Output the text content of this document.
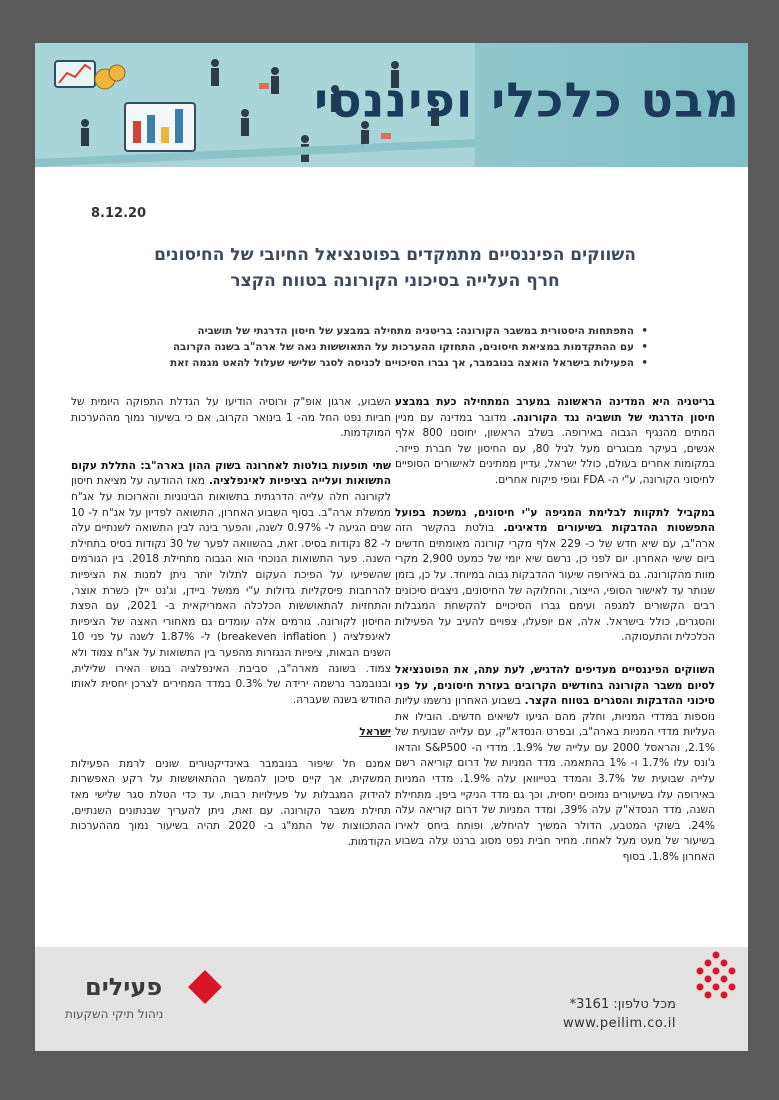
מבט כלכלי ופיננסי
8.12.20
השווקים הפיננסיים מתמקדים בפוטנציאל החיובי של החיסונים
חרף העלייה בסיכוני הקורונה בטווח הקצר
• התפתחות היסטורית במשבר הקורונה: בריטניה מתחילה במבצע של חיסון הדרגתי של תושביה
• עם ההתקדמות במציאת חיסונים, התחזקו ההערכות על התאוששות נאה של ארה"ב בשנה הקרובה
• הפעילות בישראל הואצה בנובמבר, אך גברו הסיכויים לכניסה לסגר שלישי שעלול להאט מגמה זאת

בריטניה היא המדינה הראשונה במערב המתחילה כעת במבצע חיסון הדרגתי של תושביה נגד הקורונה. מדובר במדינה עם מניין המתים מהנגיף הגבוה באירופה. בשלב הראשון, יחוסנו 800 אלף אנשים, בעיקר מבוגרים מעל לגיל 80, עם החיסון של חברת פייזר. במקומות אחרים בעולם, כולל ישראל, עדיין ממתינים לאישורים הסופיים לחיסוני הקורונה, ע"י ה- FDA וגופי פיקוח אחרים.

במקביל לתקוות לבלימת המגיפה ע"י חיסונים, נמשכת בפועל התפשטות ההדבקות בשיעורים מדאיגים. בולטת בהקשר הזה ארה"ב, עם שיא חדש של כ- 229 אלף מקרי קורונה מאומתים חדשים ביום שישי האחרון. יום לפני כן, נרשם שיא יומי של כמעט 2,900 מקרי מוות מהקורונה. גם באירופה שיעור ההדבקות גבוה במיוחד. על כן, בזמן שנותר עד לאישור הסופי, הייצור, והחלוקה של החיסונים, ניצבים סיכונים רבים הקשורים למגפה ועימם גברו הסיכויים להקשחת המגבלות והסגרים, כולל בישראל. אלה, אם יופעלו, צפויים להעיב על הפעילות הכלכלית והתעסוקה.

השווקים הפיננסיים מעדיפים להדגיש, לעת עתה, את הפוטנציאל לסיום משבר הקורונה בחודשים הקרובים בעזרת חיסונים, על פני סיכוני ההדבקות והסגרים בטווח הקצר. בשבוע האחרון נרשמו עליות נוספות במדדי המניות, וחלק מהם הגיעו לשיאים חדשים. הובילו את העליות מדדי המניות בארה"ב, ובפרט הנסדא"ק, עם עלייה שבועית של 2.1%, והראסל 2000 עם עלייה של 1.9%. מדדי ה- S&P500 והדאו ג'ונס עלו 1.7% ו- 1% בהתאמה. מדד המניות של דרום קוריאה רשם עלייה שבועית של 3.7% והמדד בטייוואן עלה 1.9%. מדדי המניות באירופה עלו בשיעורים נמוכים יחסית, וכך גם מדד הניקיי ביפן. מתחילת השנה, מדד הנסדא"ק עלה 39%, ומדד המניות של דרום קוריאה עלה 24%. בשוקי המטבע, הדולר המשיך להיחלש, ופותח ביחס לאירו בשיעור של מעט מעל לאחוז. מחיר חבית נפט מסוג ברנט עלה בשבוע האחרון 1.8%. בסוף

השבוע, ארגון אופ"ק ורוסיה הודיעו על הגדלת התפוקה היומית של חביות נפט החל מה- 1 בינואר הקרוב, אם כי בשיעור נמוך מההערכות המוקדמות.

שתי תופעות בולטות לאחרונה בשוק ההון בארה"ב: התללת עקום התשואות ועלייה בציפיות לאינפלציה. מאז ההודעה על מציאת חיסון לקורונה חלה עלייה הדרגתית בתשואות הבינוניות והארוכות על אג"ח ממשלת ארה"ב. בסוף השבוע האחרון, התשואה לפדיון על אג"ח ל- 10 שנים הגיעה ל- 0.97% לשנה, והפער בינה לבין התשואה לשנתיים עלה ל- 82 נקודות בסיס. זאת, בהשוואה לפער של 30 נקודות בסיס בתחילת השנה. פער התשואות הנוכחי הוא הגבוה מתחילת 2018. בין הגורמים שהשפיעו על הפיכת העקום לתלול יותר ניתן למנות את הציפיות להרחבות פיסקליות גדולות ע"י ממשל ביידן, וג'נט יילן כשרת אוצר, והתחזיות להתאוששות הכלכלה האמריקאית ב- 2021, עם הפצת החיסון לקורונה. גורמים אלה עומדים גם מאחורי האצה של הציפיות לאינפלציה ( breakeven inflation) ל- 1.87% לשנה על פני 10 השנים הבאות, ציפיות הנגזרות מהפער בין התשואות על אג"ח צמוד ולא צמוד. בשונה מארה"ב, סביבת האינפלציה בגוש האירו שלילית, ובנובמבר נרשמה ירידה של 0.3% במדד המחירים לצרכן יחסית לאותו החודש בשנה שעברה.

ישראל

אמנם חל שיפור בנובמבר באינדיקטורים שונים לרמת הפעילות המשקית, אך קיים סיכון להמשך ההתאוששות על רקע האפשרות להידוק המגבלות על פעילויות רבות, עד כדי הטלת סגר שלישי מאז תחילת משבר הקורונה. עם זאת, ניתן להעריך שבנתונים השנתיים, ההתכווצות של התמ"ג ב- 2020 תהיה בשיעור נמוך מההערכות הקודמות.

פעילים
ניהול תיקי השקעות
מכל טלפון: 3161*
www.peilim.co.il
